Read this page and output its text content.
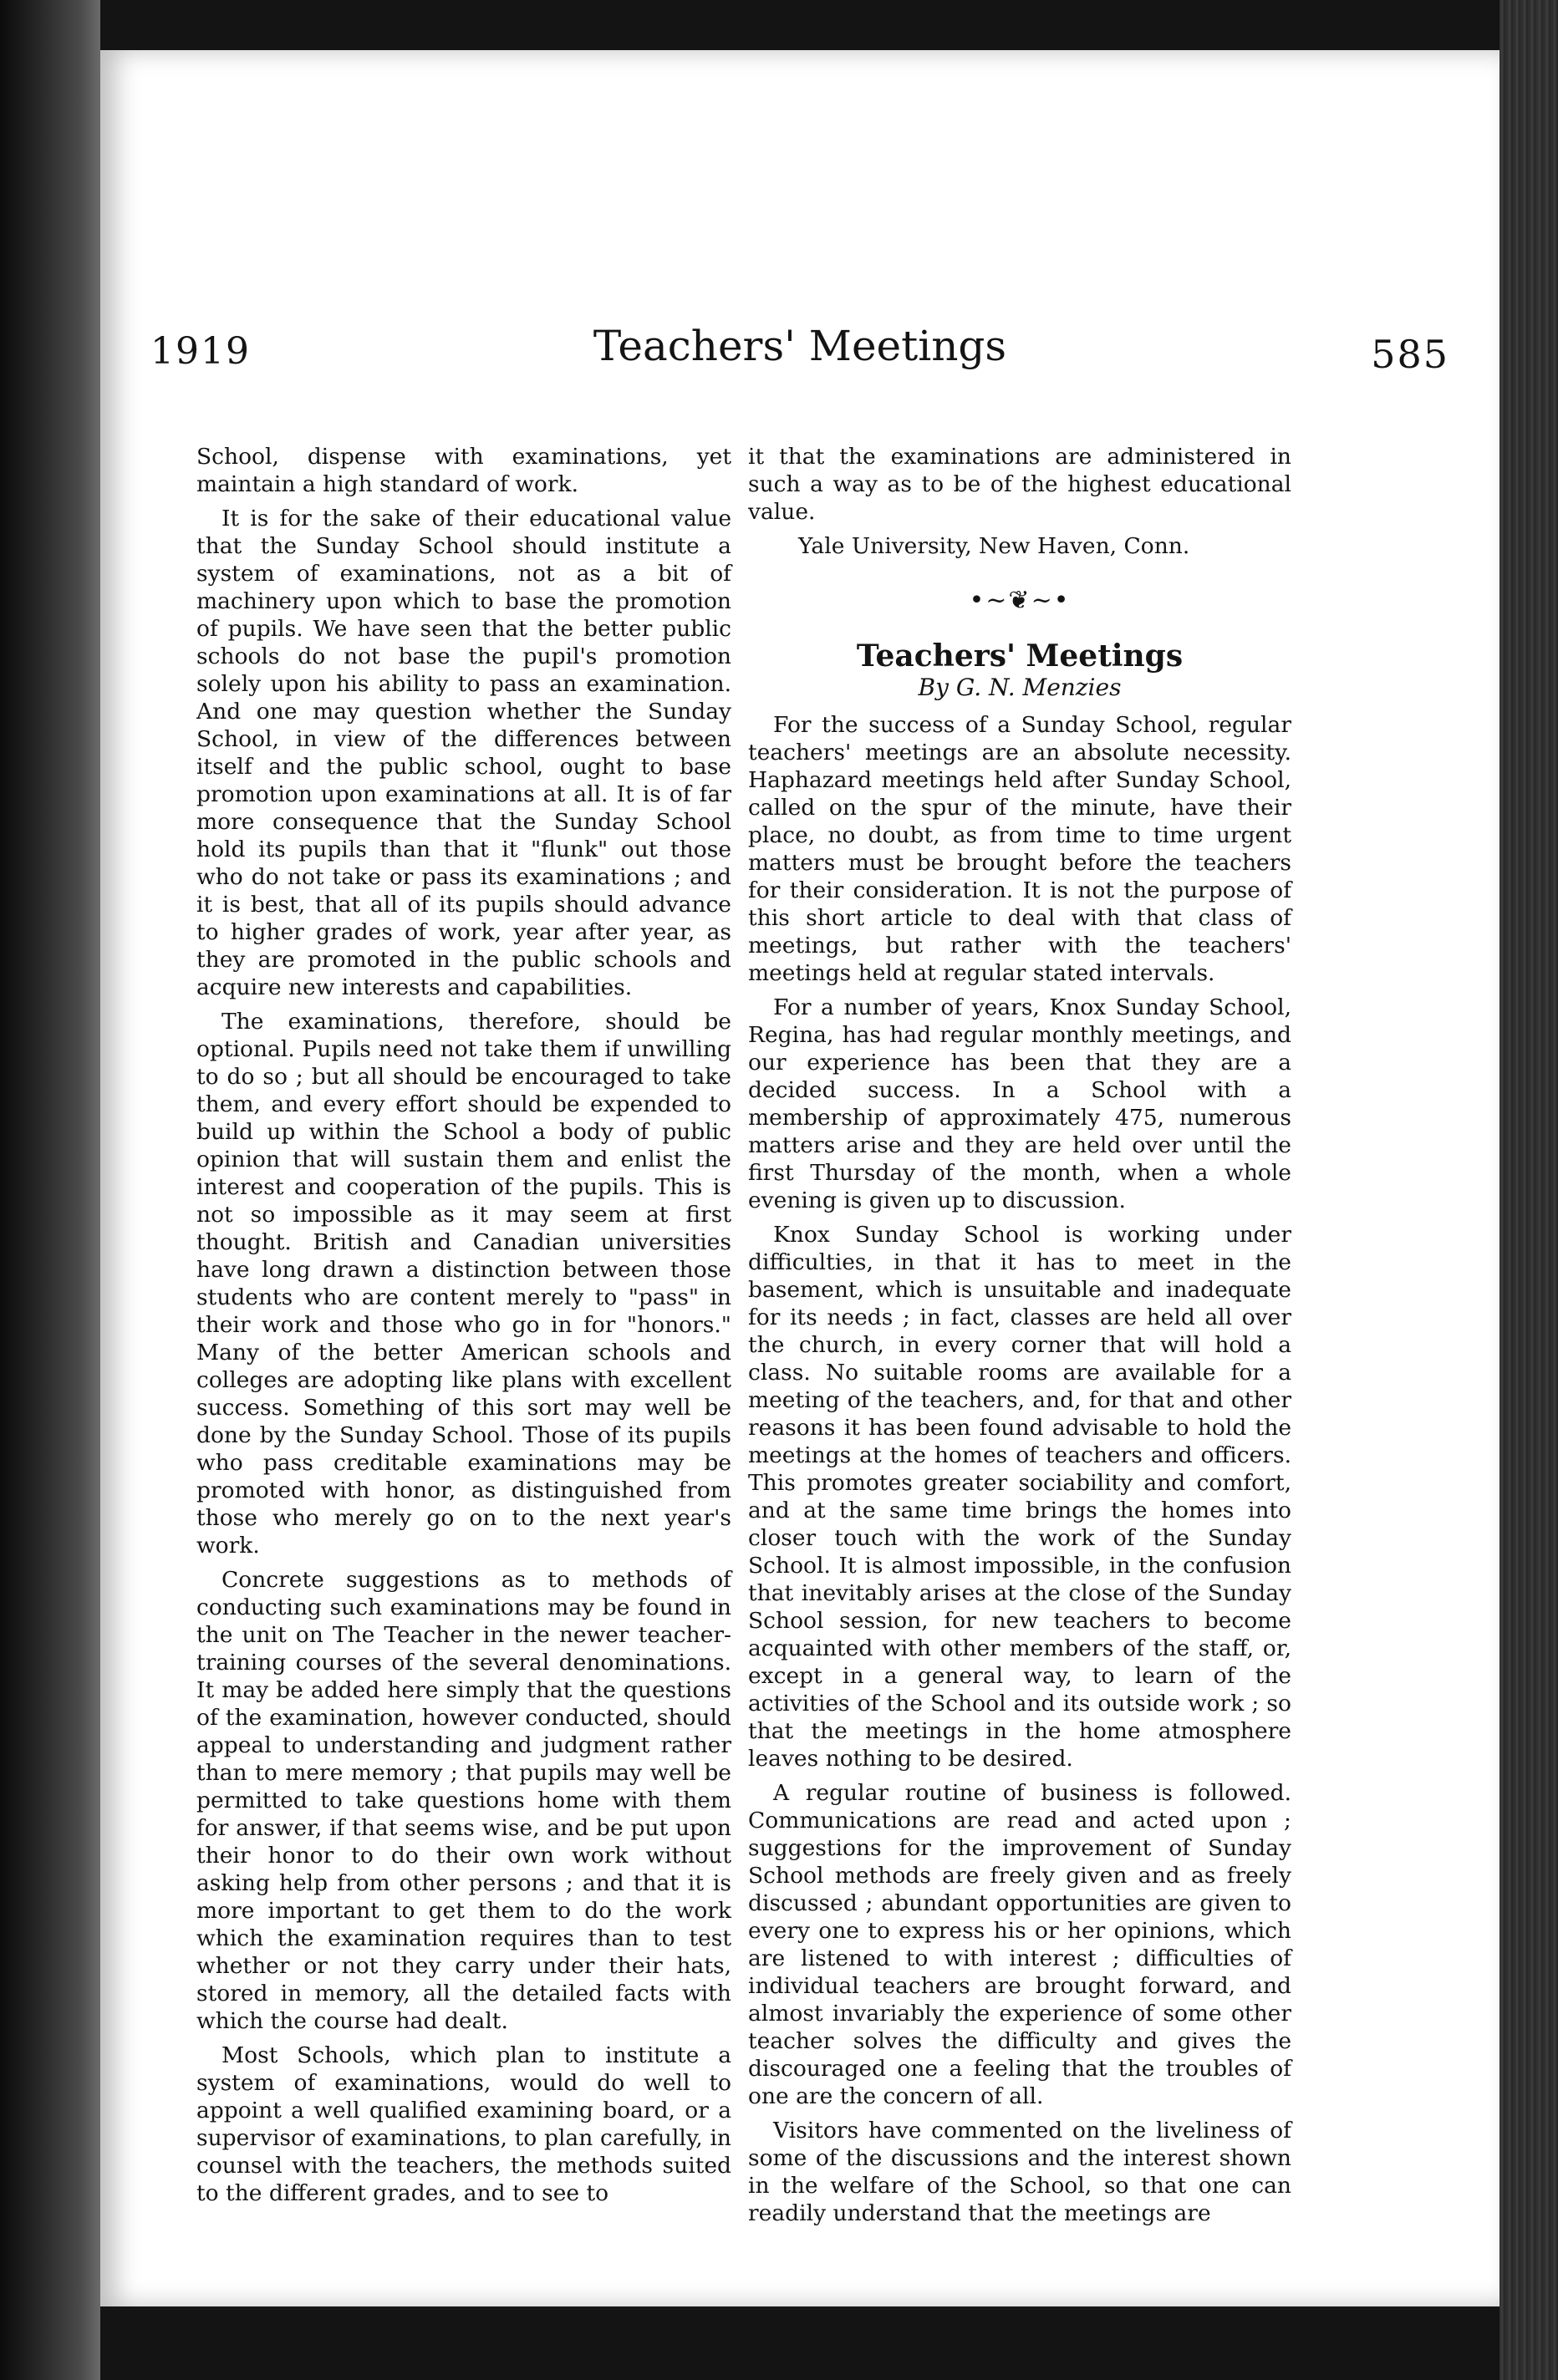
1919	Teachers' Meetings	585

School, dispense with examinations, yet maintain a high standard of work.

It is for the sake of their educational value that the Sunday School should institute a system of examinations, not as a bit of machinery upon which to base the promotion of pupils. We have seen that the better public schools do not base the pupil's promotion solely upon his ability to pass an examination. And one may question whether the Sunday School, in view of the differences between itself and the public school, ought to base promotion upon examinations at all. It is of far more consequence that the Sunday School hold its pupils than that it "flunk" out those who do not take or pass its examinations ; and it is best, that all of its pupils should advance to higher grades of work, year after year, as they are promoted in the public schools and acquire new interests and capabilities.

The examinations, therefore, should be optional. Pupils need not take them if unwilling to do so ; but all should be encouraged to take them, and every effort should be expended to build up within the School a body of public opinion that will sustain them and enlist the interest and cooperation of the pupils. This is not so impossible as it may seem at first thought. British and Canadian universities have long drawn a distinction between those students who are content merely to "pass" in their work and those who go in for "honors." Many of the better American schools and colleges are adopting like plans with excellent success. Something of this sort may well be done by the Sunday School. Those of its pupils who pass creditable examinations may be promoted with honor, as distinguished from those who merely go on to the next year's work.

Concrete suggestions as to methods of conducting such examinations may be found in the unit on The Teacher in the newer teacher-training courses of the several denominations. It may be added here simply that the questions of the examination, however conducted, should appeal to understanding and judgment rather than to mere memory ; that pupils may well be permitted to take questions home with them for answer, if that seems wise, and be put upon their honor to do their own work without asking help from other persons ; and that it is more important to get them to do the work which the examination requires than to test whether or not they carry under their hats, stored in memory, all the detailed facts with which the course had dealt.

Most Schools, which plan to institute a system of examinations, would do well to appoint a well qualified examining board, or a supervisor of examinations, to plan carefully, in counsel with the teachers, the methods suited to the different grades, and to see to

it that the examinations are administered in such a way as to be of the highest educational value.

Yale University, New Haven, Conn.

•~❦~•
Teachers' Meetings
By G. N. Menzies

For the success of a Sunday School, regular teachers' meetings are an absolute necessity. Haphazard meetings held after Sunday School, called on the spur of the minute, have their place, no doubt, as from time to time urgent matters must be brought before the teachers for their consideration. It is not the purpose of this short article to deal with that class of meetings, but rather with the teachers' meetings held at regular stated intervals.

For a number of years, Knox Sunday School, Regina, has had regular monthly meetings, and our experience has been that they are a decided success. In a School with a membership of approximately 475, numerous matters arise and they are held over until the first Thursday of the month, when a whole evening is given up to discussion.

Knox Sunday School is working under difficulties, in that it has to meet in the basement, which is unsuitable and inadequate for its needs ; in fact, classes are held all over the church, in every corner that will hold a class. No suitable rooms are available for a meeting of the teachers, and, for that and other reasons it has been found advisable to hold the meetings at the homes of teachers and officers. This promotes greater sociability and comfort, and at the same time brings the homes into closer touch with the work of the Sunday School. It is almost impossible, in the confusion that inevitably arises at the close of the Sunday School session, for new teachers to become acquainted with other members of the staff, or, except in a general way, to learn of the activities of the School and its outside work ; so that the meetings in the home atmosphere leaves nothing to be desired.

A regular routine of business is followed. Communications are read and acted upon ; suggestions for the improvement of Sunday School methods are freely given and as freely discussed ; abundant opportunities are given to every one to express his or her opinions, which are listened to with interest ; difficulties of individual teachers are brought forward, and almost invariably the experience of some other teacher solves the difficulty and gives the discouraged one a feeling that the troubles of one are the concern of all.

Visitors have commented on the liveliness of some of the discussions and the interest shown in the welfare of the School, so that one can readily understand that the meetings are
